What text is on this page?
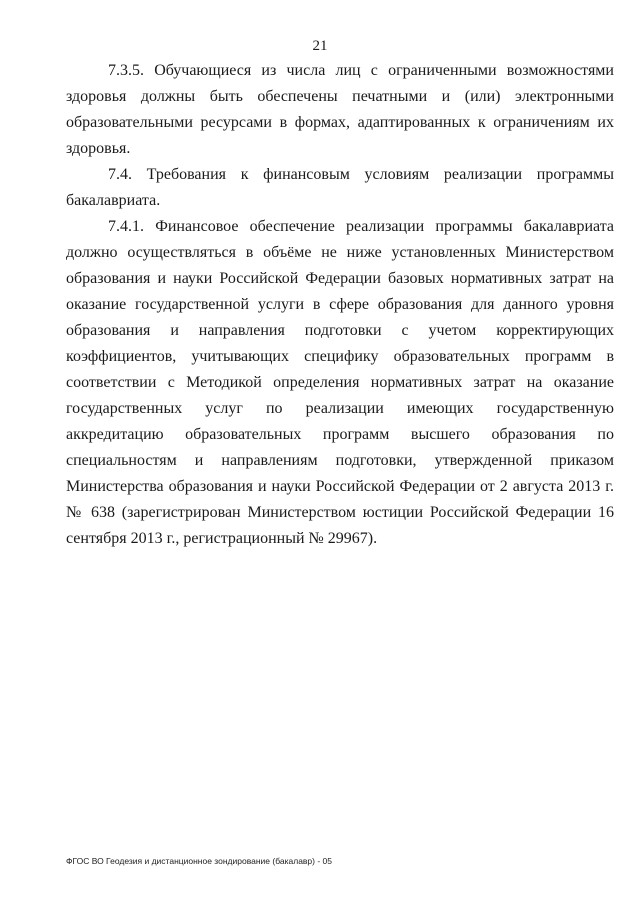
21

7.3.5. Обучающиеся из числа лиц с ограниченными возможностями здоровья должны быть обеспечены печатными и (или) электронными образовательными ресурсами в формах, адаптированных к ограничениям их здоровья.

7.4. Требования к финансовым условиям реализации программы бакалавриата.

7.4.1. Финансовое обеспечение реализации программы бакалавриата должно осуществляться в объёме не ниже установленных Министерством образования и науки Российской Федерации базовых нормативных затрат на оказание государственной услуги в сфере образования для данного уровня образования и направления подготовки с учетом корректирующих коэффициентов, учитывающих специфику образовательных программ в соответствии с Методикой определения нормативных затрат на оказание государственных услуг по реализации имеющих государственную аккредитацию образовательных программ высшего образования по специальностям и направлениям подготовки, утвержденной приказом Министерства образования и науки Российской Федерации от 2 августа 2013 г. № 638 (зарегистрирован Министерством юстиции Российской Федерации 16 сентября 2013 г., регистрационный № 29967).

ФГОС ВО Геодезия и дистанционное зондирование (бакалавр) - 05
